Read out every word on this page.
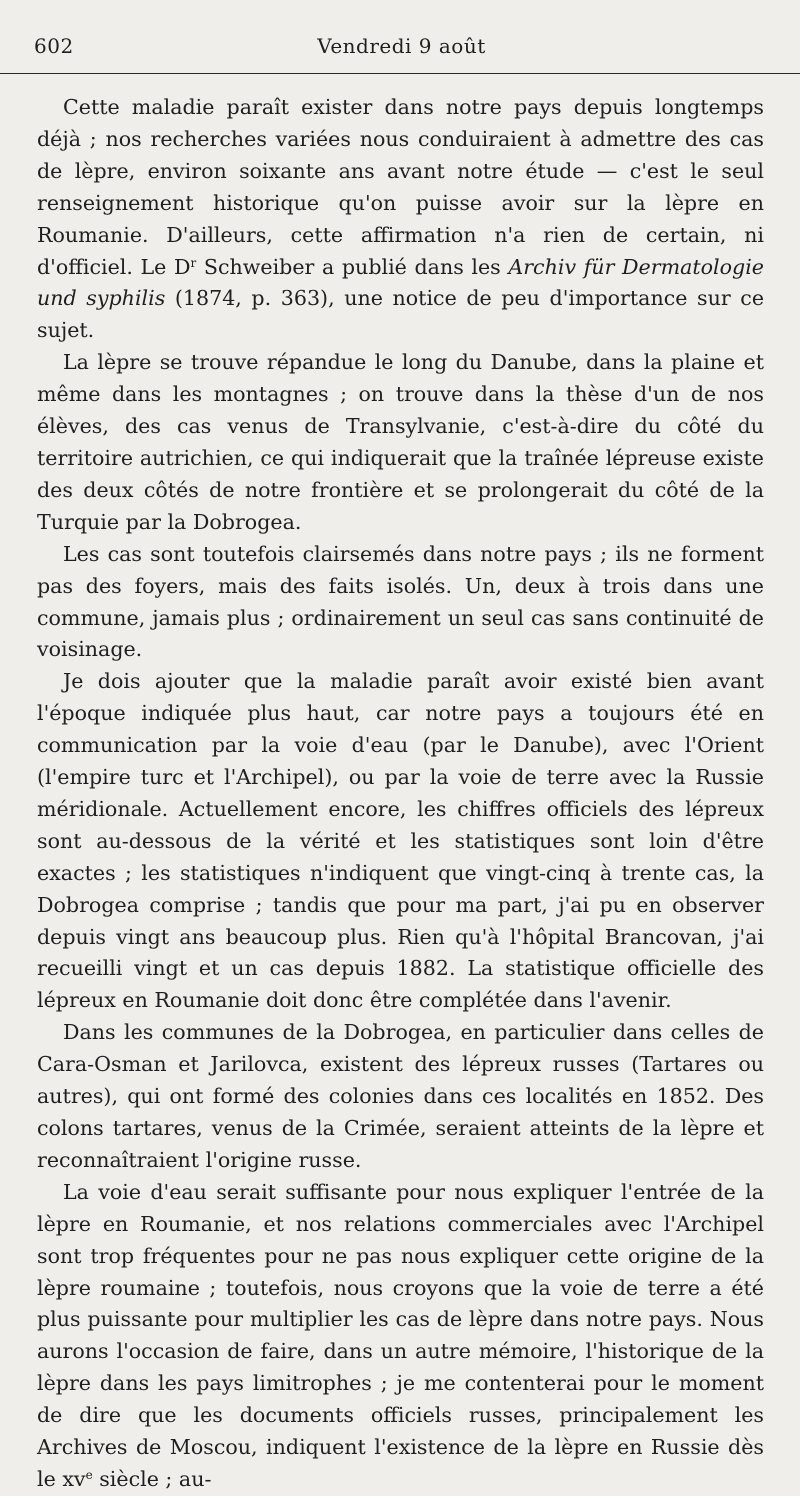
602	Vendredi 9 août

Cette maladie paraît exister dans notre pays depuis longtemps déjà ; nos recherches variées nous conduiraient à admettre des cas de lèpre, environ soixante ans avant notre étude — c'est le seul renseignement historique qu'on puisse avoir sur la lèpre en Roumanie. D'ailleurs, cette affirmation n'a rien de certain, ni d'officiel. Le $D^r$ Schweiber a publié dans les Archiv für Dermatologie und syphilis (1874, p. 363), une notice de peu d'importance sur ce sujet.

La lèpre se trouve répandue le long du Danube, dans la plaine et même dans les montagnes ; on trouve dans la thèse d'un de nos élèves, des cas venus de Transylvanie, c'est-à-dire du côté du territoire autrichien, ce qui indiquerait que la traînée lépreuse existe des deux côtés de notre frontière et se prolongerait du côté de la Turquie par la Dobrogea.

Les cas sont toutefois clairsemés dans notre pays ; ils ne forment pas des foyers, mais des faits isolés. Un, deux à trois dans une commune, jamais plus ; ordinairement un seul cas sans continuité de voisinage.

Je dois ajouter que la maladie paraît avoir existé bien avant l'époque indiquée plus haut, car notre pays a toujours été en communication par la voie d'eau (par le Danube), avec l'Orient (l'empire turc et l'Archipel), ou par la voie de terre avec la Russie méridionale. Actuellement encore, les chiffres officiels des lépreux sont au-dessous de la vérité et les statistiques sont loin d'être exactes ; les statistiques n'indiquent que vingt-cinq à trente cas, la Dobrogea comprise ; tandis que pour ma part, j'ai pu en observer depuis vingt ans beaucoup plus. Rien qu'à l'hôpital Brancovan, j'ai recueilli vingt et un cas depuis 1882. La statistique officielle des lépreux en Roumanie doit donc être complétée dans l'avenir.

Dans les communes de la Dobrogea, en particulier dans celles de Cara-Osman et Jarilovca, existent des lépreux russes (Tartares ou autres), qui ont formé des colonies dans ces localités en 1852. Des colons tartares, venus de la Crimée, seraient atteints de la lèpre et reconnaîtraient l'origine russe.

La voie d'eau serait suffisante pour nous expliquer l'entrée de la lèpre en Roumanie, et nos relations commerciales avec l'Archipel sont trop fréquentes pour ne pas nous expliquer cette origine de la lèpre roumaine ; toutefois, nous croyons que la voie de terre a été plus puissante pour multiplier les cas de lèpre dans notre pays. Nous aurons l'occasion de faire, dans un autre mémoire, l'historique de la lèpre dans les pays limitrophes ; je me contenterai pour le moment de dire que les documents officiels russes, principalement les Archives de Moscou, indiquent l'existence de la lèpre en Russie dès le $xv^e$ siècle ; au-
